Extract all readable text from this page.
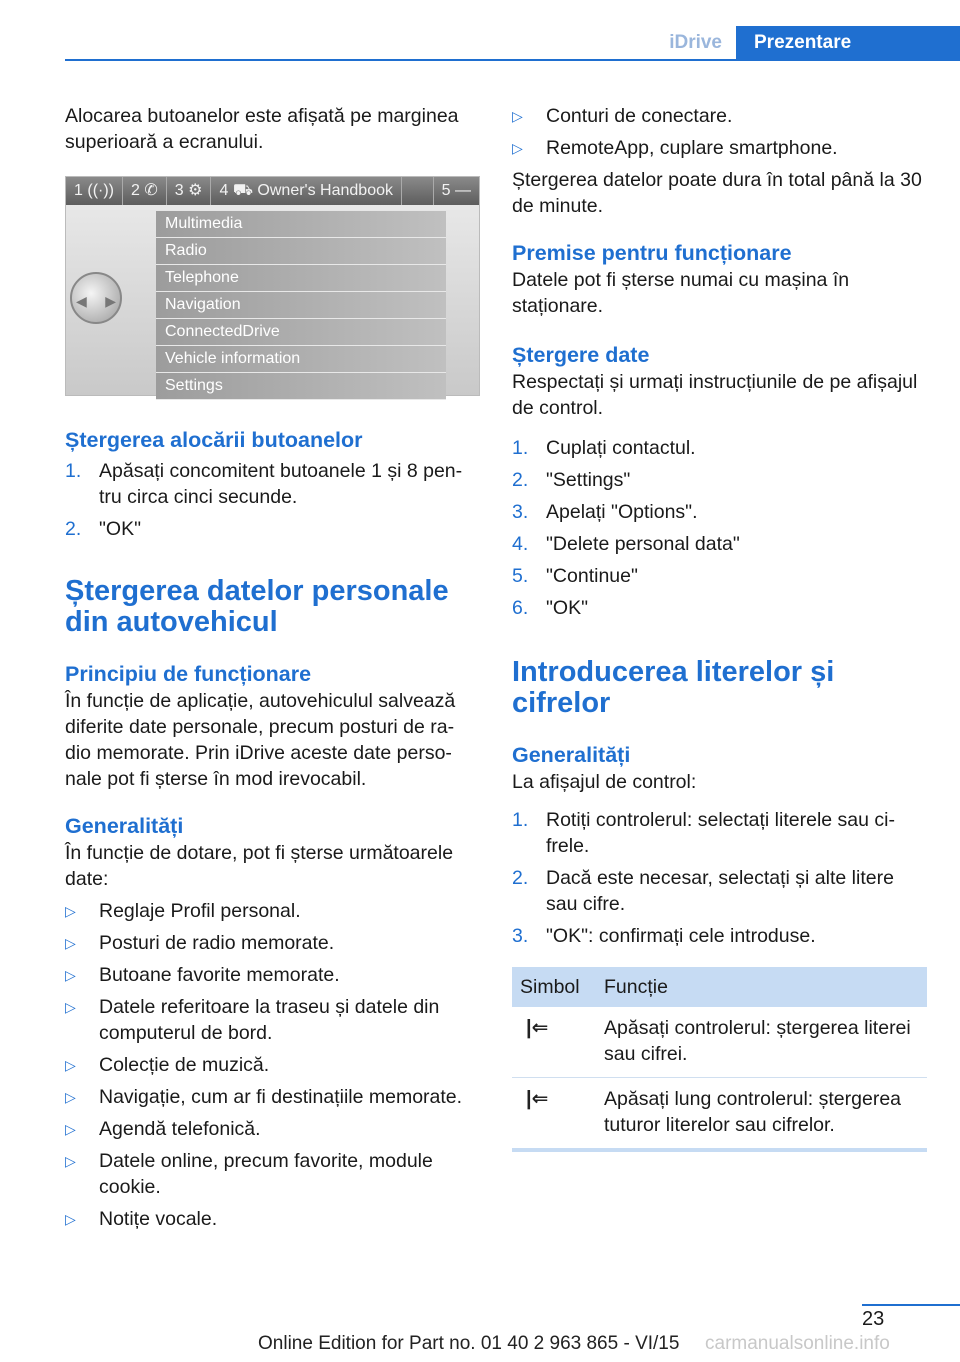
iDrive	Prezentare

Alocarea butoanelor este afișată pe marginea superioară a ecranului.

1 ((·))	2 ✆	3 ⚙	4 ⛟ Owner's Handbook	5 —
◀ ▶
Multimedia
Radio
Telephone
Navigation
ConnectedDrive
Vehicle information
Settings
Ștergerea alocării butoanelor
1. Apăsați concomitent butoanele 1 și 8 pen‐tru circa cinci secunde.
2. "OK"
Ștergerea datelor personale din autovehicul
Principiu de funcționare

În funcție de aplicație, autovehiculul salvează diferite date personale, precum posturi de ra‐dio memorate. Prin iDrive aceste date perso‐nale pot fi șterse în mod irevocabil.

Generalități

În funcție de dotare, pot fi șterse următoarele date:

▷	Reglaje Profil personal.
▷	Posturi de radio memorate.
▷	Butoane favorite memorate.
▷	Datele referitoare la traseu și datele din computerul de bord.
▷	Colecție de muzică.
▷	Navigație, cum ar fi destinațiile memorate.
▷	Agendă telefonică.
▷	Datele online, precum favorite, module cookie.
▷	Notițe vocale.
▷	Conturi de conectare.
▷	RemoteApp, cuplare smartphone.

Ștergerea datelor poate dura în total până la 30 de minute.

Premise pentru funcționare

Datele pot fi șterse numai cu mașina în staționare.

Ștergere date

Respectați și urmați instrucțiunile de pe afișajul de control.

1. Cuplați contactul.
2. "Settings"
3. Apelați "Options".
4. "Delete personal data"
5. "Continue"
6. "OK"
Introducerea literelor și cifrelor
Generalități

La afișajul de control:

1. Rotiți controlerul: selectați literele sau ci‐frele.
2. Dacă este necesar, selectați și alte litere sau cifre.
3. "OK": confirmați cele introduse.
Simbol	Funcție
|⇐	Apăsați controlerul: ștergerea literei sau cifrei.
|⇐	Apăsați lung controlerul: ștergerea tuturor literelor sau cifrelor.
23
Online Edition for Part no. 01 40 2 963 865 - VI/15 carmanualsonline.info
